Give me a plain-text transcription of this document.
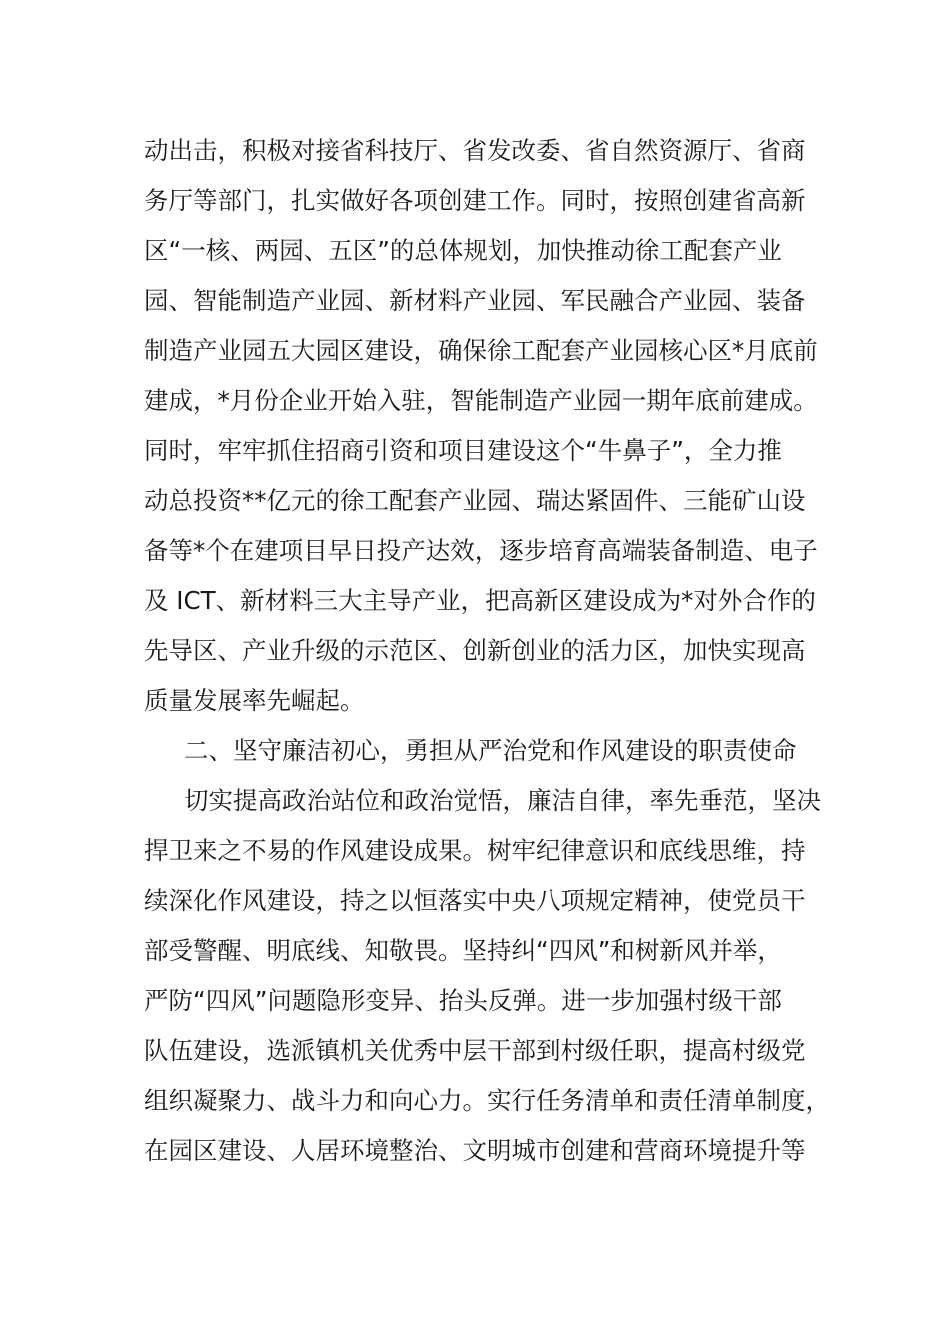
动出击，积极对接省科技厅、省发改委、省自然资源厅、省商
务厅等部门，扎实做好各项创建工作。同时，按照创建省高新
区“一核、两园、五区”的总体规划，加快推动徐工配套产业
园、智能制造产业园、新材料产业园、军民融合产业园、装备
制造产业园五大园区建设，确保徐工配套产业园核心区*月底前
建成，*月份企业开始入驻，智能制造产业园一期年底前建成。
同时，牢牢抓住招商引资和项目建设这个“牛鼻子”，全力推
动总投资**亿元的徐工配套产业园、瑞达紧固件、三能矿山设
备等*个在建项目早日投产达效，逐步培育高端装备制造、电子
及 ICT、新材料三大主导产业，把高新区建设成为*对外合作的
先导区、产业升级的示范区、创新创业的活力区，加快实现高
质量发展率先崛起。
二、坚守廉洁初心，勇担从严治党和作风建设的职责使命
切实提高政治站位和政治觉悟，廉洁自律，率先垂范，坚决
捍卫来之不易的作风建设成果。树牢纪律意识和底线思维，持
续深化作风建设，持之以恒落实中央八项规定精神，使党员干
部受警醒、明底线、知敬畏。坚持纠“四风”和树新风并举，
严防“四风”问题隐形变异、抬头反弹。进一步加强村级干部
队伍建设，选派镇机关优秀中层干部到村级任职，提高村级党
组织凝聚力、战斗力和向心力。实行任务清单和责任清单制度，
在园区建设、人居环境整治、文明城市创建和营商环境提升等
